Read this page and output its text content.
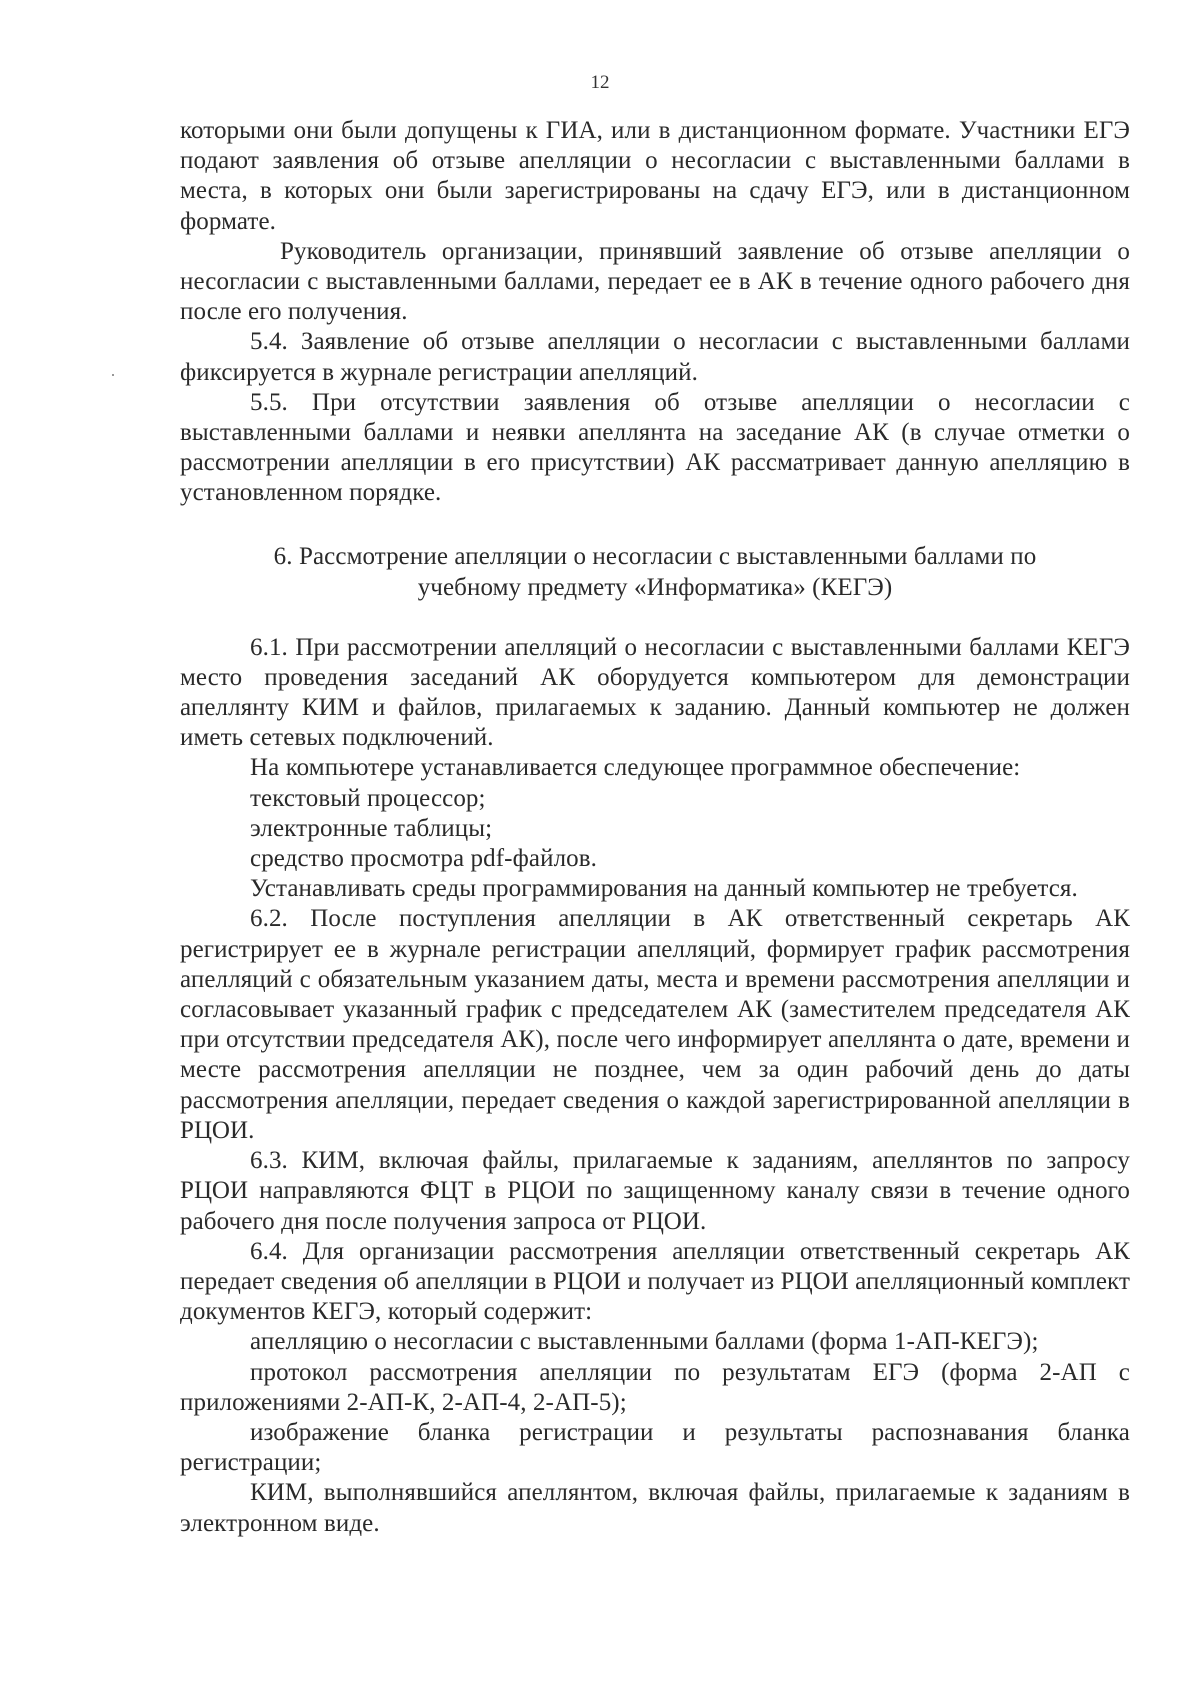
12

которыми они были допущены к ГИА, или в дистанционном формате. Участники ЕГЭ подают заявления об отзыве апелляции о несогласии с выставленными баллами в места, в которых они были зарегистрированы на сдачу ЕГЭ, или в дистанционном формате.

Руководитель организации, принявший заявление об отзыве апелляции о несогласии с выставленными баллами, передает ее в АК в течение одного рабочего дня после его получения.

5.4. Заявление об отзыве апелляции о несогласии с выставленными баллами фиксируется в журнале регистрации апелляций.

5.5. При отсутствии заявления об отзыве апелляции о несогласии с выставленными баллами и неявки апеллянта на заседание АК (в случае отметки о рассмотрении апелляции в его присутствии) АК рассматривает данную апелляцию в установленном порядке.

6. Рассмотрение апелляции о несогласии с выставленными баллами по
учебному предмету «Информатика» (КЕГЭ)

6.1. При рассмотрении апелляций о несогласии с выставленными баллами КЕГЭ место проведения заседаний АК оборудуется компьютером для демонстрации апеллянту КИМ и файлов, прилагаемых к заданию. Данный компьютер не должен иметь сетевых подключений.

На компьютере устанавливается следующее программное обеспечение:

текстовый процессор;

электронные таблицы;

средство просмотра pdf-файлов.

Устанавливать среды программирования на данный компьютер не требуется.

6.2. После поступления апелляции в АК ответственный секретарь АК регистрирует ее в журнале регистрации апелляций, формирует график рассмотрения апелляций с обязательным указанием даты, места и времени рассмотрения апелляции и согласовывает указанный график с председателем АК (заместителем председателя АК при отсутствии председателя АК), после чего информирует апеллянта о дате, времени и месте рассмотрения апелляции не позднее, чем за один рабочий день до даты рассмотрения апелляции, передает сведения о каждой зарегистрированной апелляции в РЦОИ.

6.3. КИМ, включая файлы, прилагаемые к заданиям, апеллянтов по запросу РЦОИ направляются ФЦТ в РЦОИ по защищенному каналу связи в течение одного рабочего дня после получения запроса от РЦОИ.

6.4. Для организации рассмотрения апелляции ответственный секретарь АК передает сведения об апелляции в РЦОИ и получает из РЦОИ апелляционный комплект документов КЕГЭ, который содержит:

апелляцию о несогласии с выставленными баллами (форма 1-АП-КЕГЭ);

протокол рассмотрения апелляции по результатам ЕГЭ (форма 2-АП с приложениями 2-АП-К, 2-АП-4, 2-АП-5);

изображение бланка регистрации и результаты распознавания бланка регистрации;

КИМ, выполнявшийся апеллянтом, включая файлы, прилагаемые к заданиям в электронном виде.
